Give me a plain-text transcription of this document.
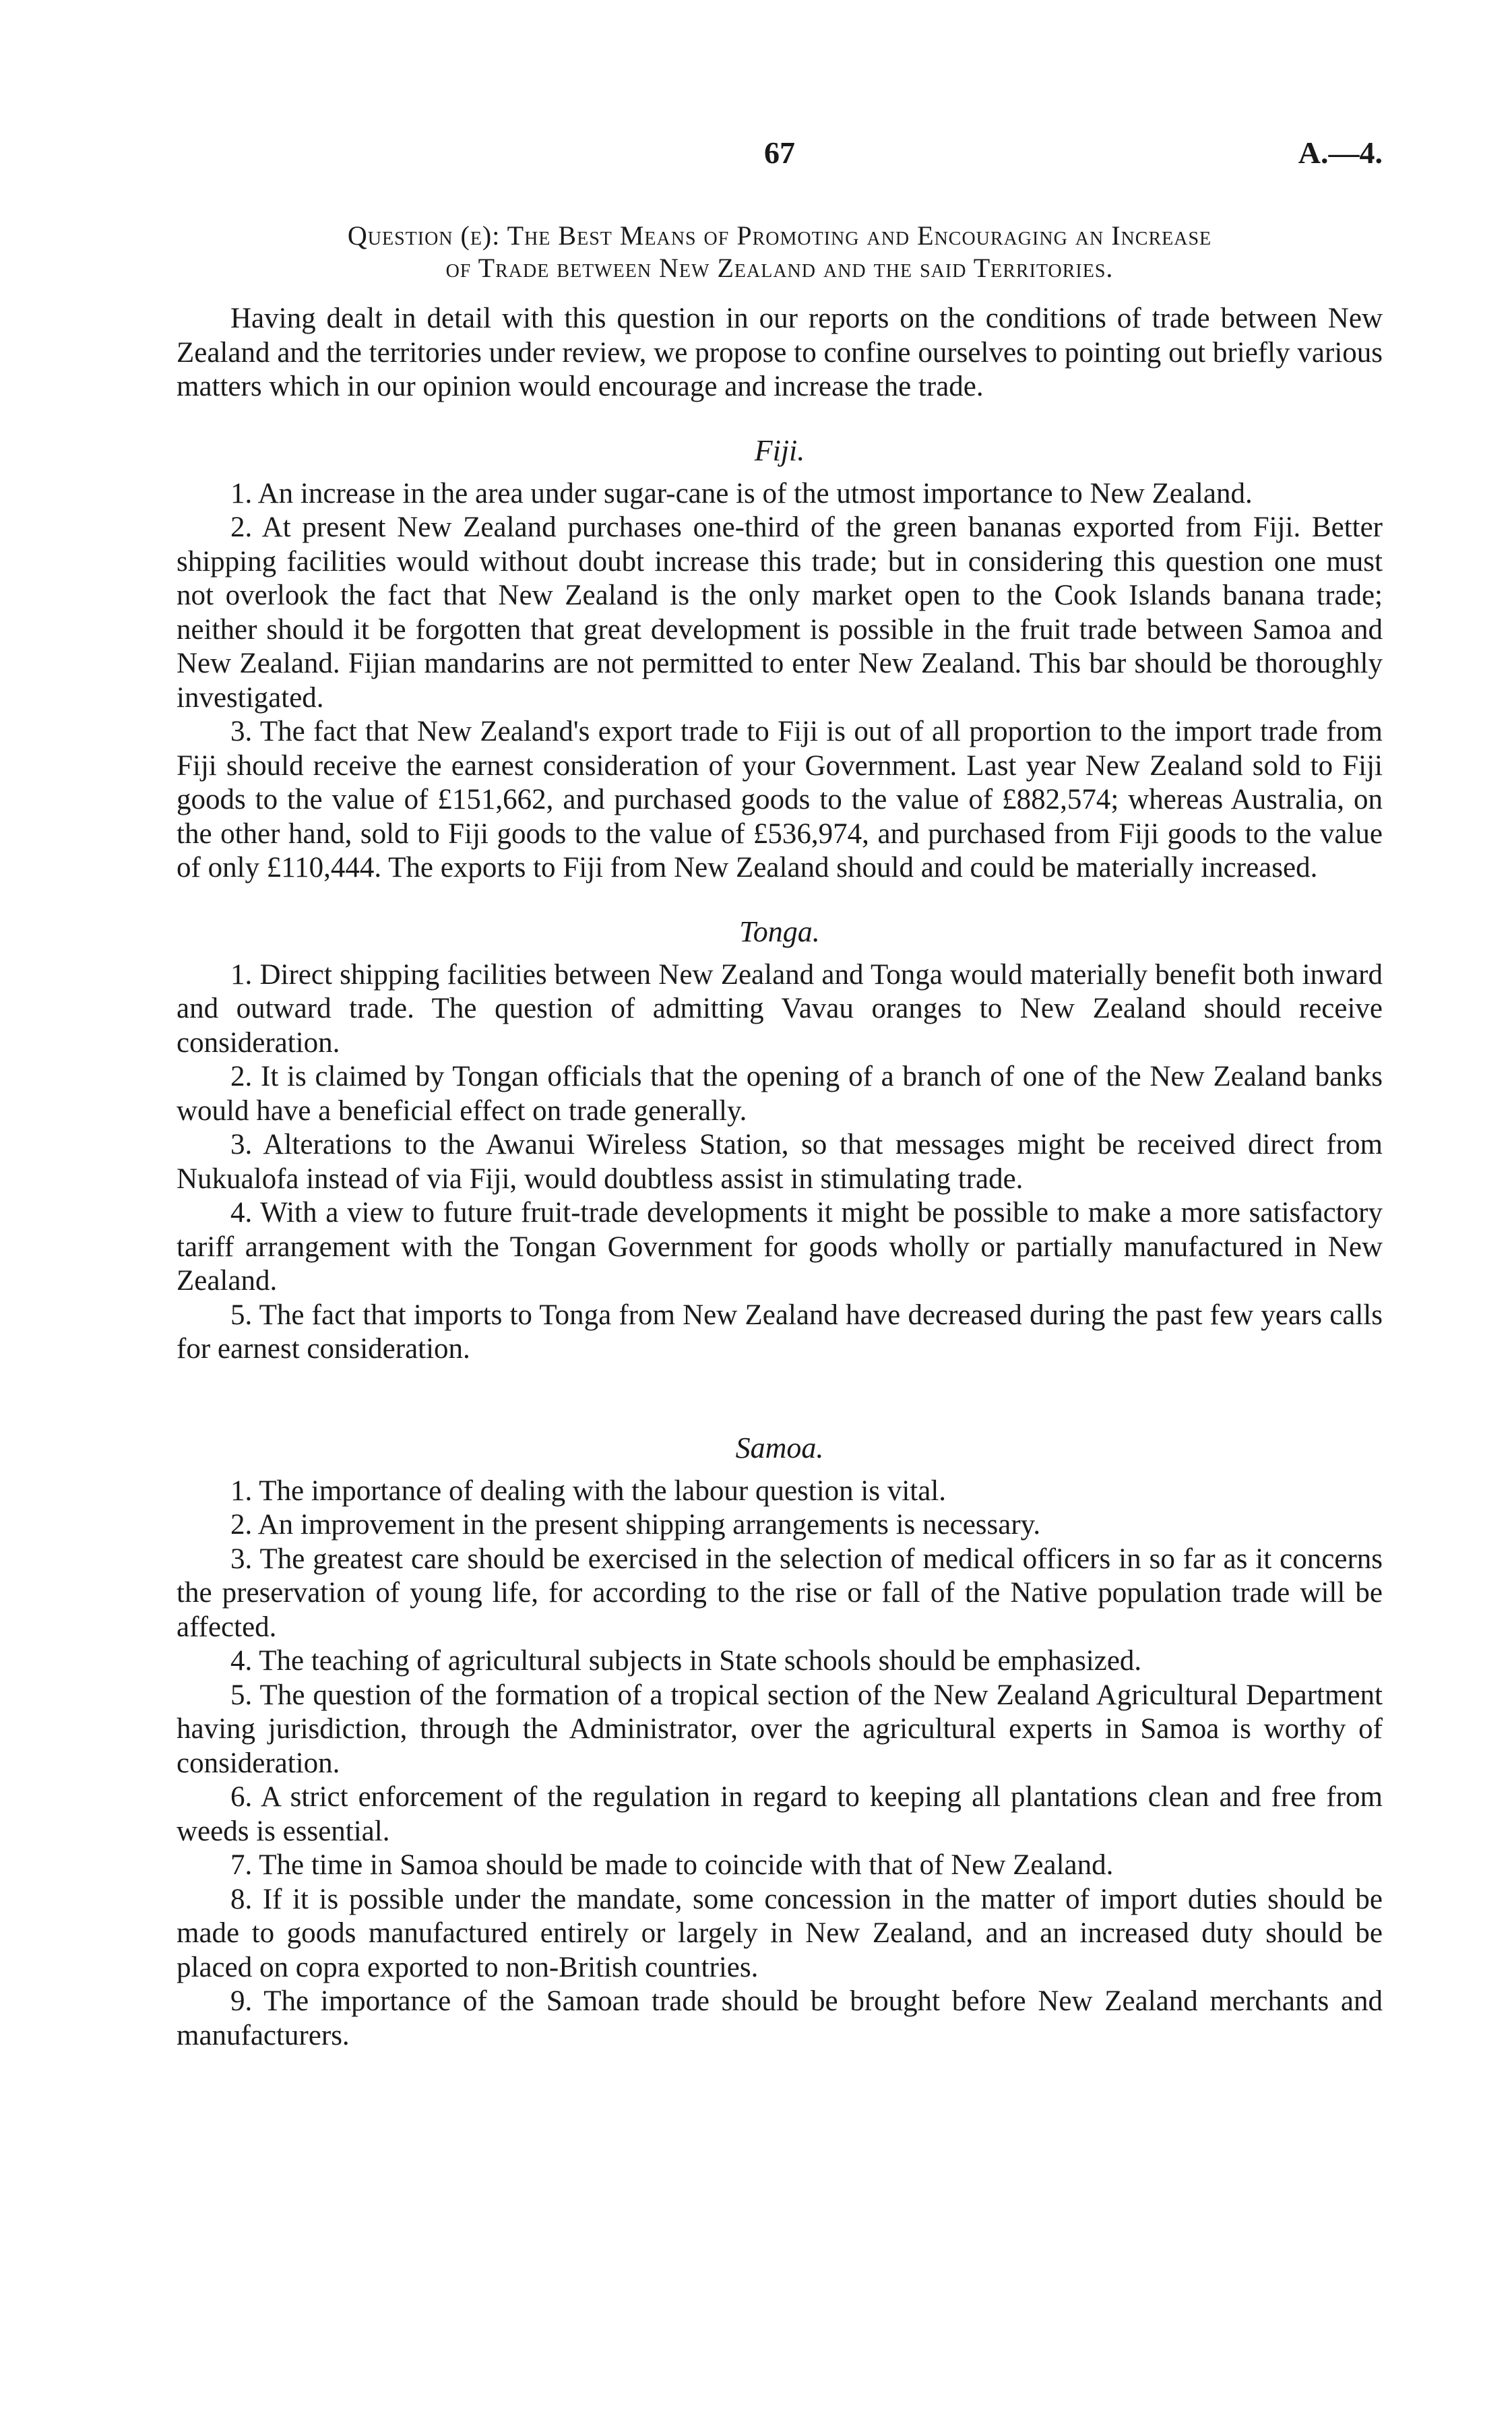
67	A.—4.
Question (e): The Best Means of Promoting and Encouraging an Increase
of Trade between New Zealand and the said Territories.

Having dealt in detail with this question in our reports on the conditions of trade between New Zealand and the territories under review, we propose to confine ourselves to pointing out briefly various matters which in our opinion would encourage and increase the trade.

Fiji.

1. An increase in the area under sugar-cane is of the utmost importance to New Zealand.

2. At present New Zealand purchases one-third of the green bananas exported from Fiji. Better shipping facilities would without doubt increase this trade; but in considering this question one must not overlook the fact that New Zealand is the only market open to the Cook Islands banana trade; neither should it be forgotten that great development is possible in the fruit trade between Samoa and New Zealand. Fijian mandarins are not permitted to enter New Zealand. This bar should be thoroughly investigated.

3. The fact that New Zealand's export trade to Fiji is out of all proportion to the import trade from Fiji should receive the earnest consideration of your Government. Last year New Zealand sold to Fiji goods to the value of £151,662, and purchased goods to the value of £882,574; whereas Australia, on the other hand, sold to Fiji goods to the value of £536,974, and purchased from Fiji goods to the value of only £110,444. The exports to Fiji from New Zealand should and could be materially increased.

Tonga.

1. Direct shipping facilities between New Zealand and Tonga would materially benefit both inward and outward trade. The question of admitting Vavau oranges to New Zealand should receive consideration.

2. It is claimed by Tongan officials that the opening of a branch of one of the New Zealand banks would have a beneficial effect on trade generally.

3. Alterations to the Awanui Wireless Station, so that messages might be received direct from Nukualofa instead of via Fiji, would doubtless assist in stimulating trade.

4. With a view to future fruit-trade developments it might be possible to make a more satisfactory tariff arrangement with the Tongan Government for goods wholly or partially manufactured in New Zealand.

5. The fact that imports to Tonga from New Zealand have decreased during the past few years calls for earnest consideration.

Samoa.

1. The importance of dealing with the labour question is vital.

2. An improvement in the present shipping arrangements is necessary.

3. The greatest care should be exercised in the selection of medical officers in so far as it concerns the preservation of young life, for according to the rise or fall of the Native population trade will be affected.

4. The teaching of agricultural subjects in State schools should be emphasized.

5. The question of the formation of a tropical section of the New Zealand Agricultural Department having jurisdiction, through the Administrator, over the agricultural experts in Samoa is worthy of consideration.

6. A strict enforcement of the regulation in regard to keeping all plantations clean and free from weeds is essential.

7. The time in Samoa should be made to coincide with that of New Zealand.

8. If it is possible under the mandate, some concession in the matter of import duties should be made to goods manufactured entirely or largely in New Zealand, and an increased duty should be placed on copra exported to non-British countries.

9. The importance of the Samoan trade should be brought before New Zealand merchants and manufacturers.
